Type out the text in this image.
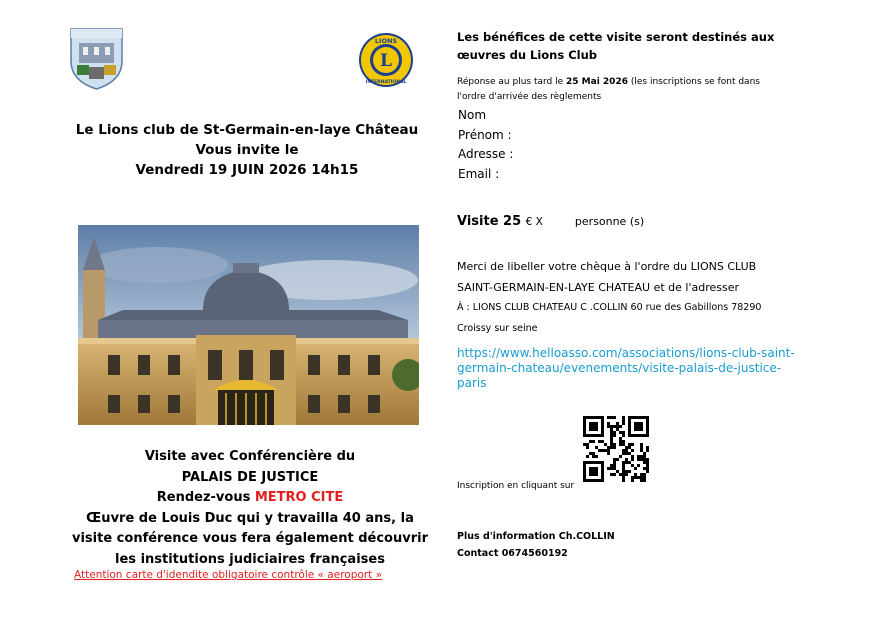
L
LIONS
INTERNATIONAL
Le Lions club de St-Germain-en-laye Château
Vous invite le
Vendredi 19 JUIN 2026 14h15
Visite avec Conférencière du
PALAIS DE JUSTICE
Rendez-vous METRO CITE
Œuvre de Louis Duc qui y travailla 40 ans, la
visite conférence vous fera également découvrir
les institutions judiciaires françaises
Attention carte d'idendite obligatoire contrôle « aeroport »
Les bénéfices de cette visite seront destinés aux
œuvres du Lions Club
Réponse au plus tard le 25 Mai 2026 (les inscriptions se font dans
l'ordre d'arrivée des règlements
Nom
Prénom :
Adresse :
Email :
Visite 25 € X	personne (s)
Merci de libeller votre chèque à l'ordre du LIONS CLUB
SAINT-GERMAIN-EN-LAYE CHATEAU et de l'adresser
À : LIONS CLUB CHATEAU C .COLLIN 60 rue des Gabillons 78290
Croissy sur seine
https://www.helloasso.com/associations/lions-club-saint-
germain-chateau/evenements/visite-palais-de-justice-
paris
Inscription en cliquant sur
Plus d'information Ch.COLLIN
Contact 0674560192
